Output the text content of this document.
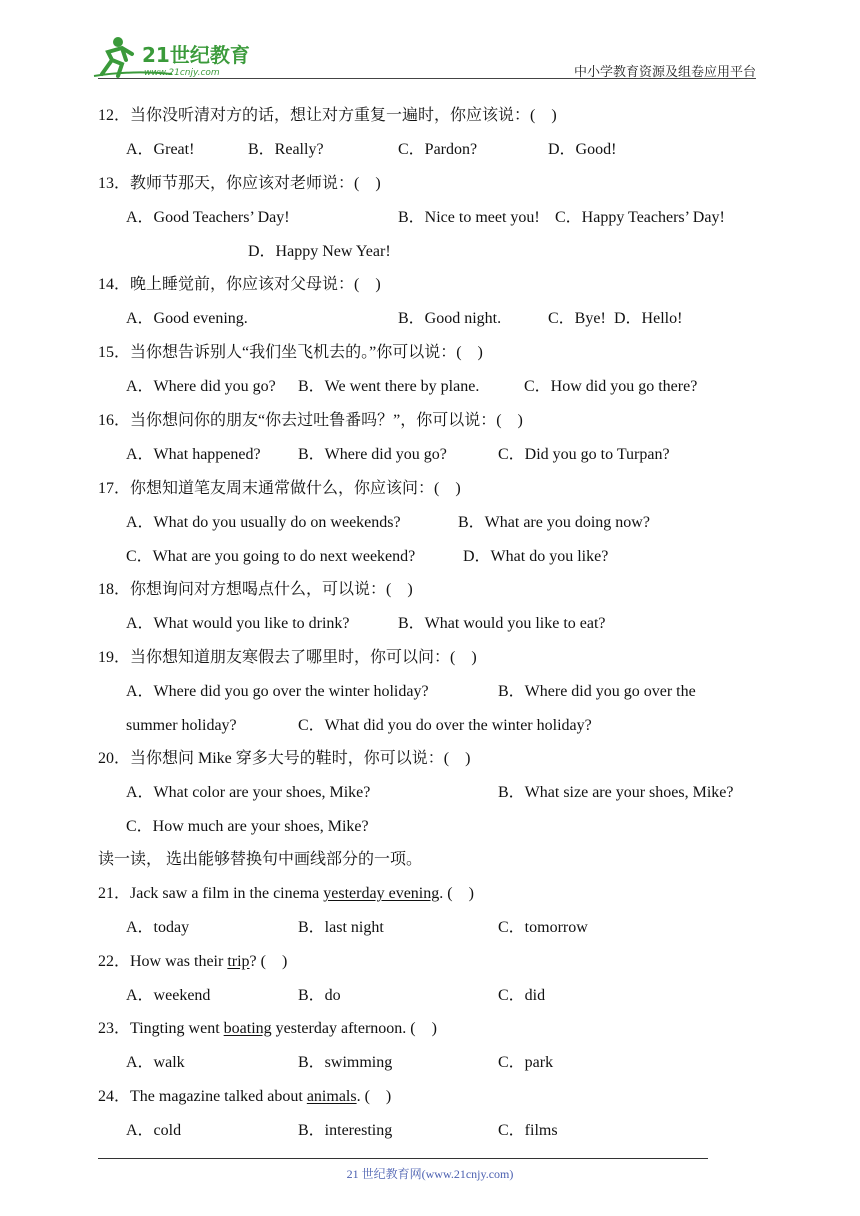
21世纪教育
www.21cnjy.com	中小学教育资源及组卷应用平台
12．当你没听清对方的话，想让对方重复一遍时，你应该说：(　)
A．Great!	B．Really?	C．Pardon?	D．Good!
13．教师节那天，你应该对老师说：(　)
A．Good Teachers’ Day!	B．Nice to meet you! C．Happy Teachers’ Day!
D．Happy New Year!
14．晚上睡觉前，你应该对父母说：(　)
A．Good evening.	B．Good night.	C．Bye! D．Hello!
15．当你想告诉别人“我们坐飞机去的。”你可以说：(　)
A．Where did you go? B．We went there by plane.	C．How did you go there?
16．当你想问你的朋友“你去过吐鲁番吗？”，你可以说：(　)
A．What happened? B．Where did you go?	C．Did you go to Turpan?
17．你想知道笔友周末通常做什么，你应该问：(　)
A．What do you usually do on weekends?	B．What are you doing now?
C．What are you going to do next weekend?	D．What do you like?
18．你想询问对方想喝点什么，可以说：(　)
A．What would you like to drink?	B．What would you like to eat?
19．当你想知道朋友寒假去了哪里时，你可以问：(　)
A．Where did you go over the winter holiday?	B．Where did you go over the
summer holiday?	C．What did you do over the winter holiday?
20．当你想问 Mike 穿多大号的鞋时，你可以说：(　)
A．What color are your shoes, Mike?	B．What size are your shoes, Mike?
C．How much are your shoes, Mike?
读一读， 选出能够替换句中画线部分的一项。
21．Jack saw a film in the cinema yesterday evening. (　)
A．today	B．last night	C．tomorrow
22．How was their trip? (　)
A．weekend	B．do	C．did
23．Tingting went boating yesterday afternoon. (　)
A．walk	B．swimming	C．park
24．The magazine talked about animals. (　)
A．cold	B．interesting	C．films
21 世纪教育网(www.21cnjy.com)
